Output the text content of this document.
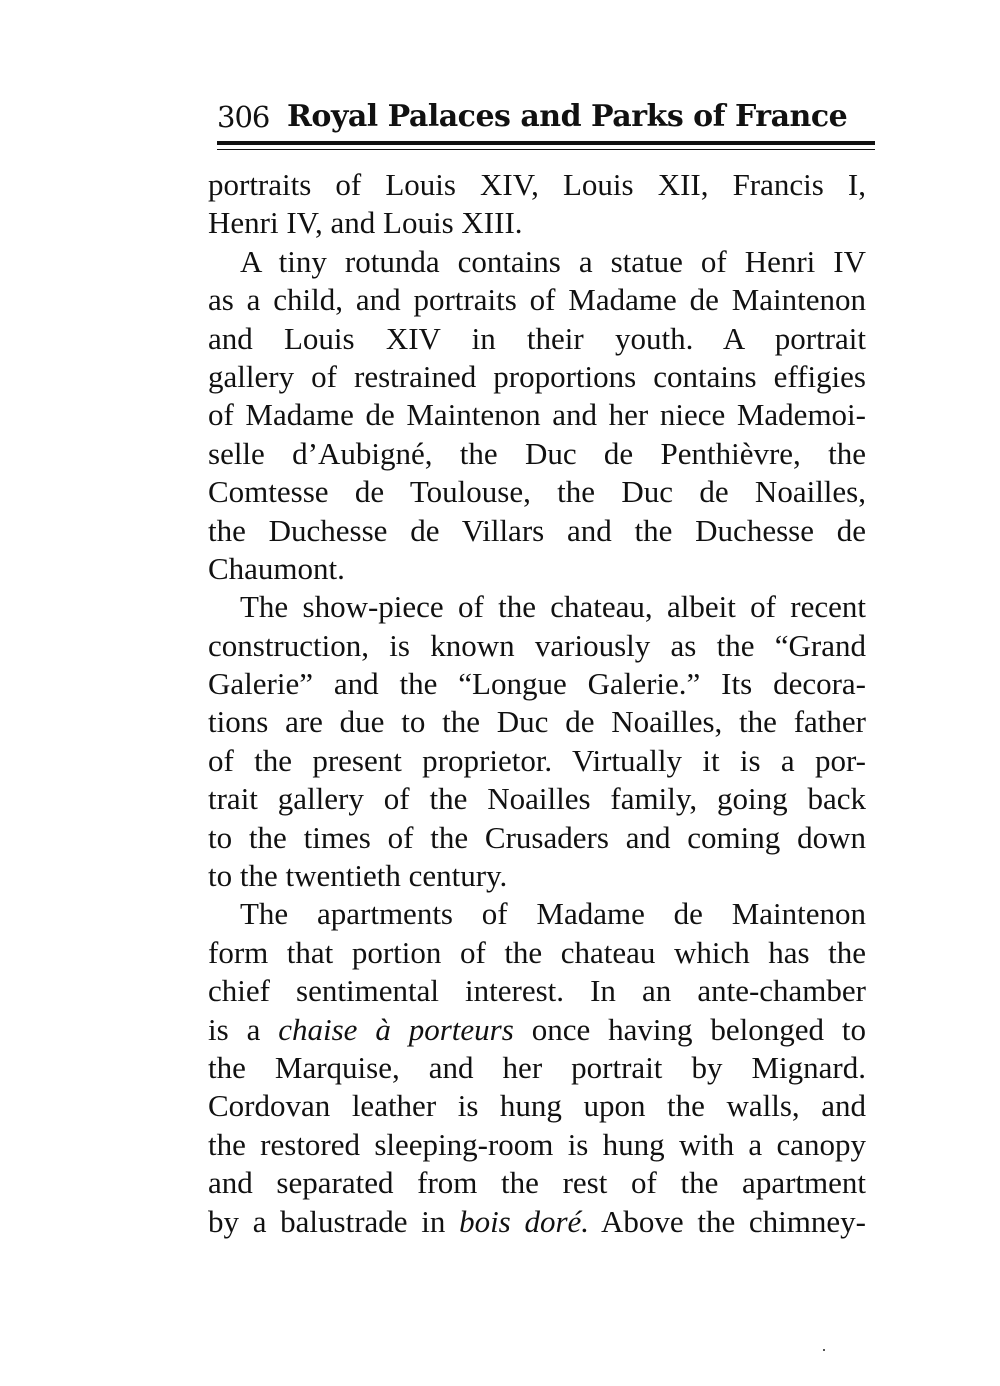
306 Royal Palaces and Parks of France
portraits of Louis XIV, Louis XII, Francis I,
Henri IV, and Louis XIII.
A tiny rotunda contains a statue of Henri IV
as a child, and portraits of Madame de Maintenon
and Louis XIV in their youth. A portrait
gallery of restrained proportions contains effigies
of Madame de Maintenon and her niece Mademoi-
selle d’Aubigné, the Duc de Penthièvre, the
Comtesse de Toulouse, the Duc de Noailles,
the Duchesse de Villars and the Duchesse de
Chaumont.
The show-piece of the chateau, albeit of recent
construction, is known variously as the “Grand
Galerie” and the “Longue Galerie.” Its decora-
tions are due to the Duc de Noailles, the father
of the present proprietor. Virtually it is a por-
trait gallery of the Noailles family, going back
to the times of the Crusaders and coming down
to the twentieth century.
The apartments of Madame de Maintenon
form that portion of the chateau which has the
chief sentimental interest. In an ante-chamber
is a chaise à porteurs once having belonged to
the Marquise, and her portrait by Mignard.
Cordovan leather is hung upon the walls, and
the restored sleeping-room is hung with a canopy
and separated from the rest of the apartment
by a balustrade in bois doré. Above the chimney-
